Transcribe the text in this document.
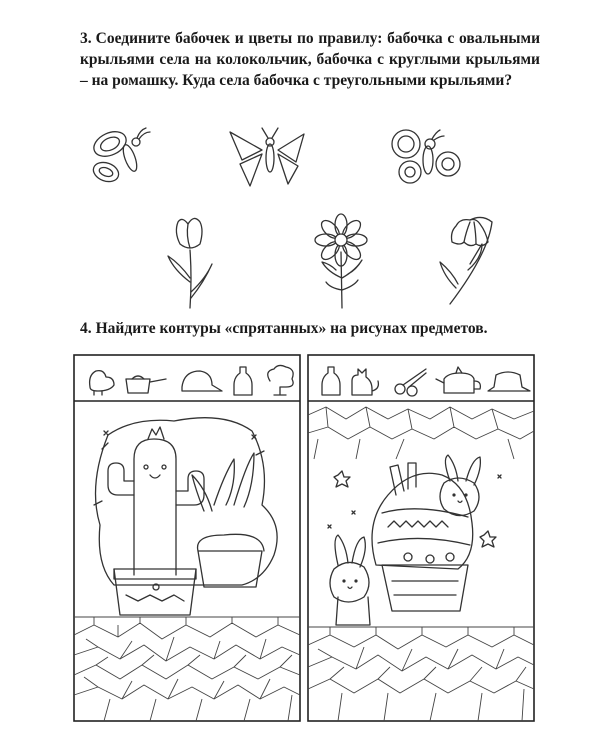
3. Соедините бабочек и цветы по правилу: бабочка с овальными крыльями села на колокольчик, бабочка с круглыми крыльями – на ромашку. Куда села бабочка с треугольными крыльями?
4. Найдите контуры «спрятанных» на рисунах предметов.
